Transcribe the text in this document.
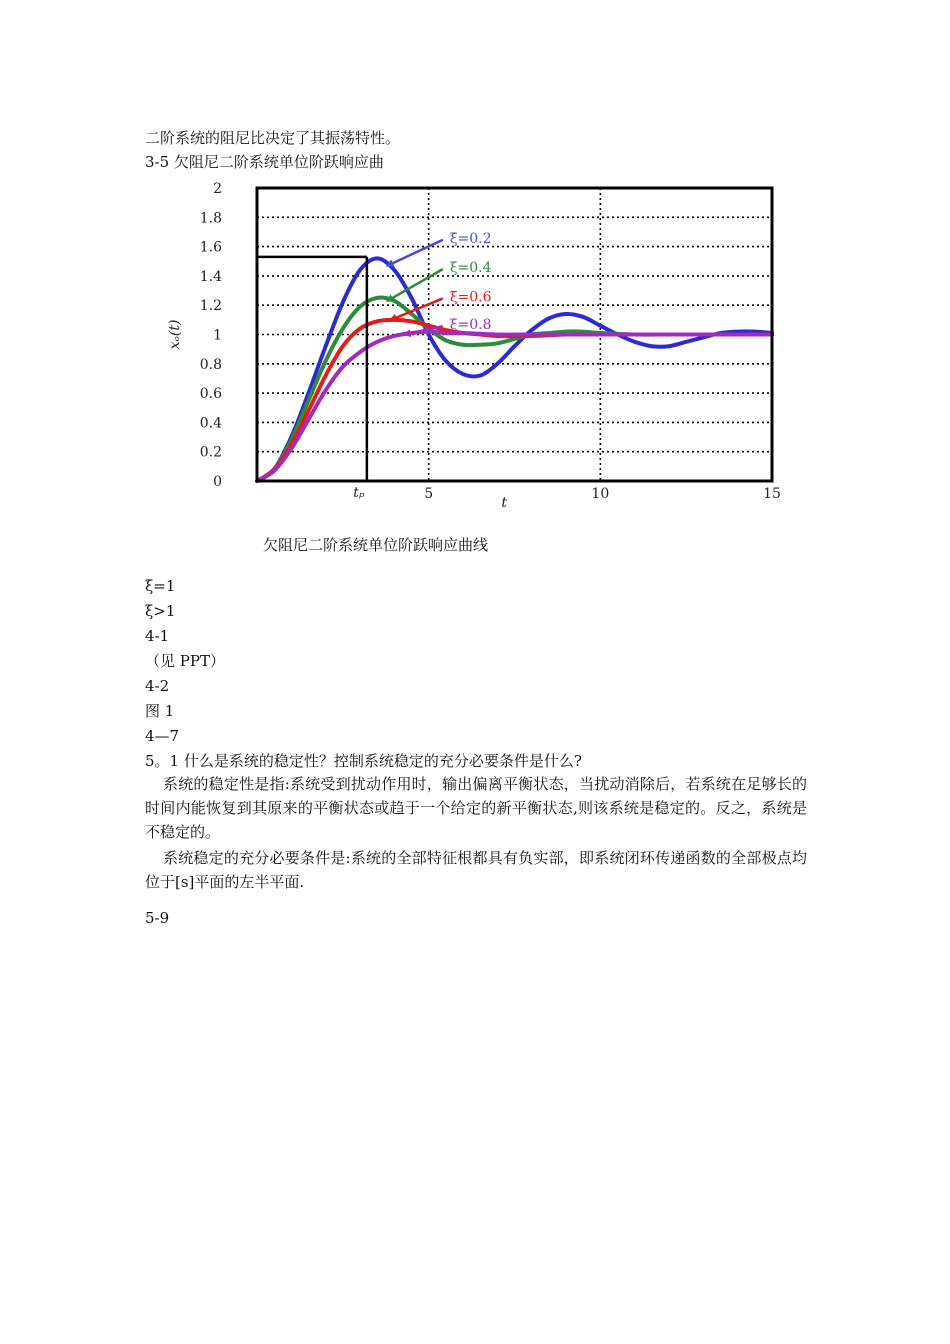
二阶系统的阻尼比决定了其振荡特性。
3-5 欠阻尼二阶系统单位阶跃响应曲
ξ=0.2
ξ=0.4
ξ=0.6
ξ=0.8
0
0.2
0.4
0.6
0.8
1
1.2
1.4
1.6
1.8
2
5	10	15
tₚ
t
xₒ(t)
欠阻尼二阶系统单位阶跃响应曲线
ξ=1
ξ>1
4-1
（见 PPT）
4-2
图 1
4—7
5。1 什么是系统的稳定性？控制系统稳定的充分必要条件是什么?
系统的稳定性是指:系统受到扰动作用时，输出偏离平衡状态，当扰动消除后，若系统在足够长的时间内能恢复到其原来的平衡状态或趋于一个给定的新平衡状态,则该系统是稳定的。反之，系统是不稳定的。
系统稳定的充分必要条件是:系统的全部特征根都具有负实部，即系统闭环传递函数的全部极点均位于[s]平面的左半平面.
5-9
